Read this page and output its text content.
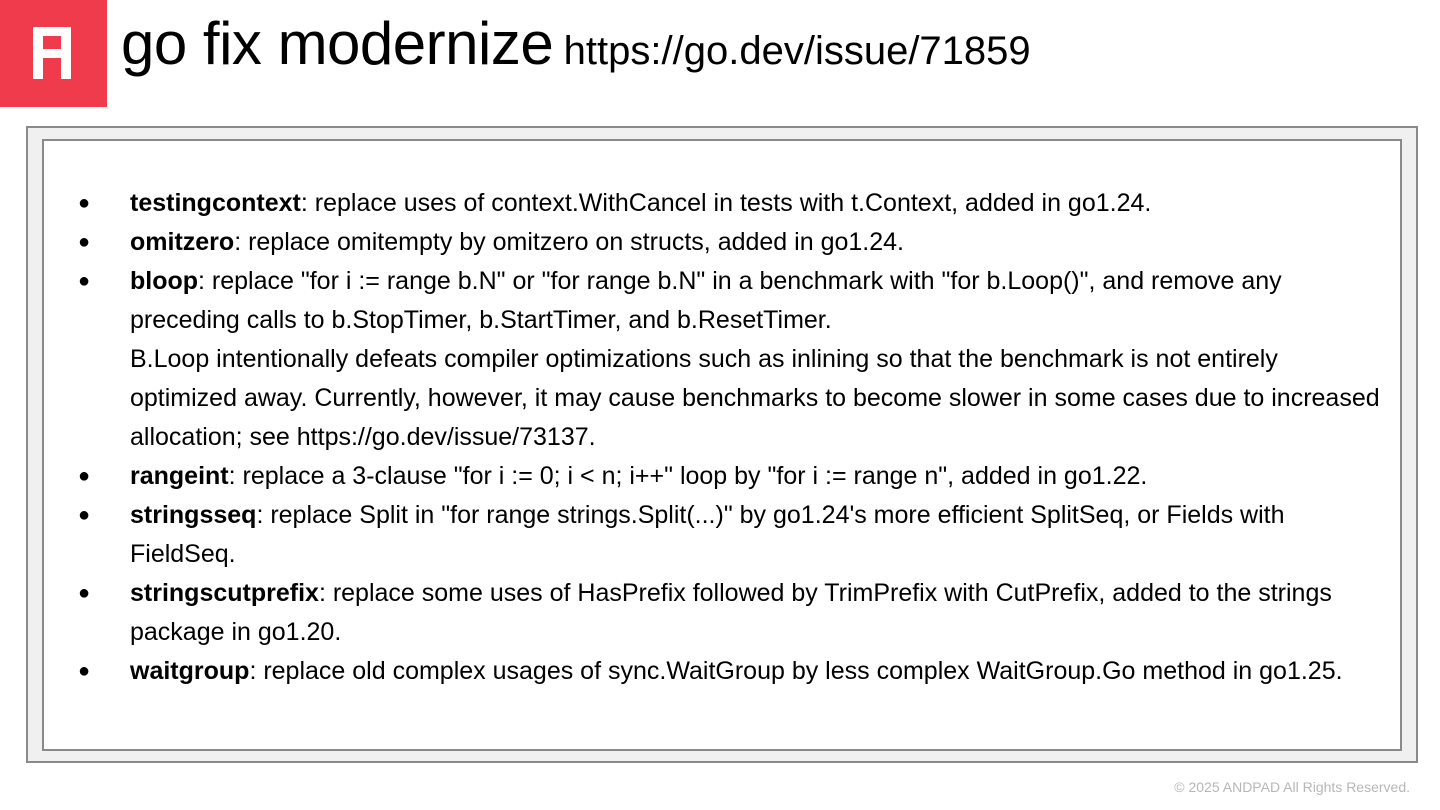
go fix modernize https://go.dev/issue/71859
●	testingcontext: replace uses of context.WithCancel in tests with t.Context, added in go1.24.
●	omitzero: replace omitempty by omitzero on structs, added in go1.24.
●	bloop: replace "for i := range b.N" or "for range b.N" in a benchmark with "for b.Loop()", and remove any preceding calls to b.StopTimer, b.StartTimer, and b.ResetTimer.
B.Loop intentionally defeats compiler optimizations such as inlining so that the benchmark is not entirely optimized away. Currently, however, it may cause benchmarks to become slower in some cases due to increased allocation; see https://go.dev/issue/73137.
●	rangeint: replace a 3-clause "for i := 0; i < n; i++" loop by "for i := range n", added in go1.22.
●	stringsseq: replace Split in "for range strings.Split(...)" by go1.24's more efficient SplitSeq, or Fields with FieldSeq.
●	stringscutprefix: replace some uses of HasPrefix followed by TrimPrefix with CutPrefix, added to the strings package in go1.20.
●	waitgroup: replace old complex usages of sync.WaitGroup by less complex WaitGroup.Go method in go1.25.
© 2025 ANDPAD All Rights Reserved.
